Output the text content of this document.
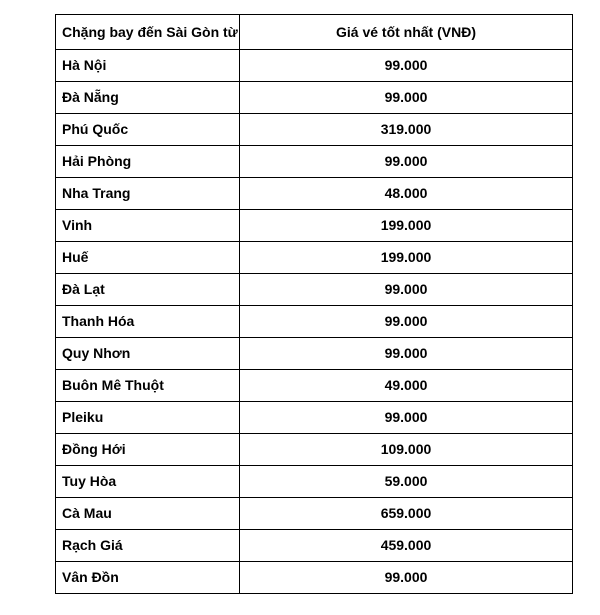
Chặng bay đến Sài Gòn từ	Giá vé tốt nhất (VNĐ)
Hà Nội	99.000
Đà Nẵng	99.000
Phú Quốc	319.000
Hải Phòng	99.000
Nha Trang	48.000
Vinh	199.000
Huế	199.000
Đà Lạt	99.000
Thanh Hóa	99.000
Quy Nhơn	99.000
Buôn Mê Thuột	49.000
Pleiku	99.000
Đồng Hới	109.000
Tuy Hòa	59.000
Cà Mau	659.000
Rạch Giá	459.000
Vân Đồn	99.000
